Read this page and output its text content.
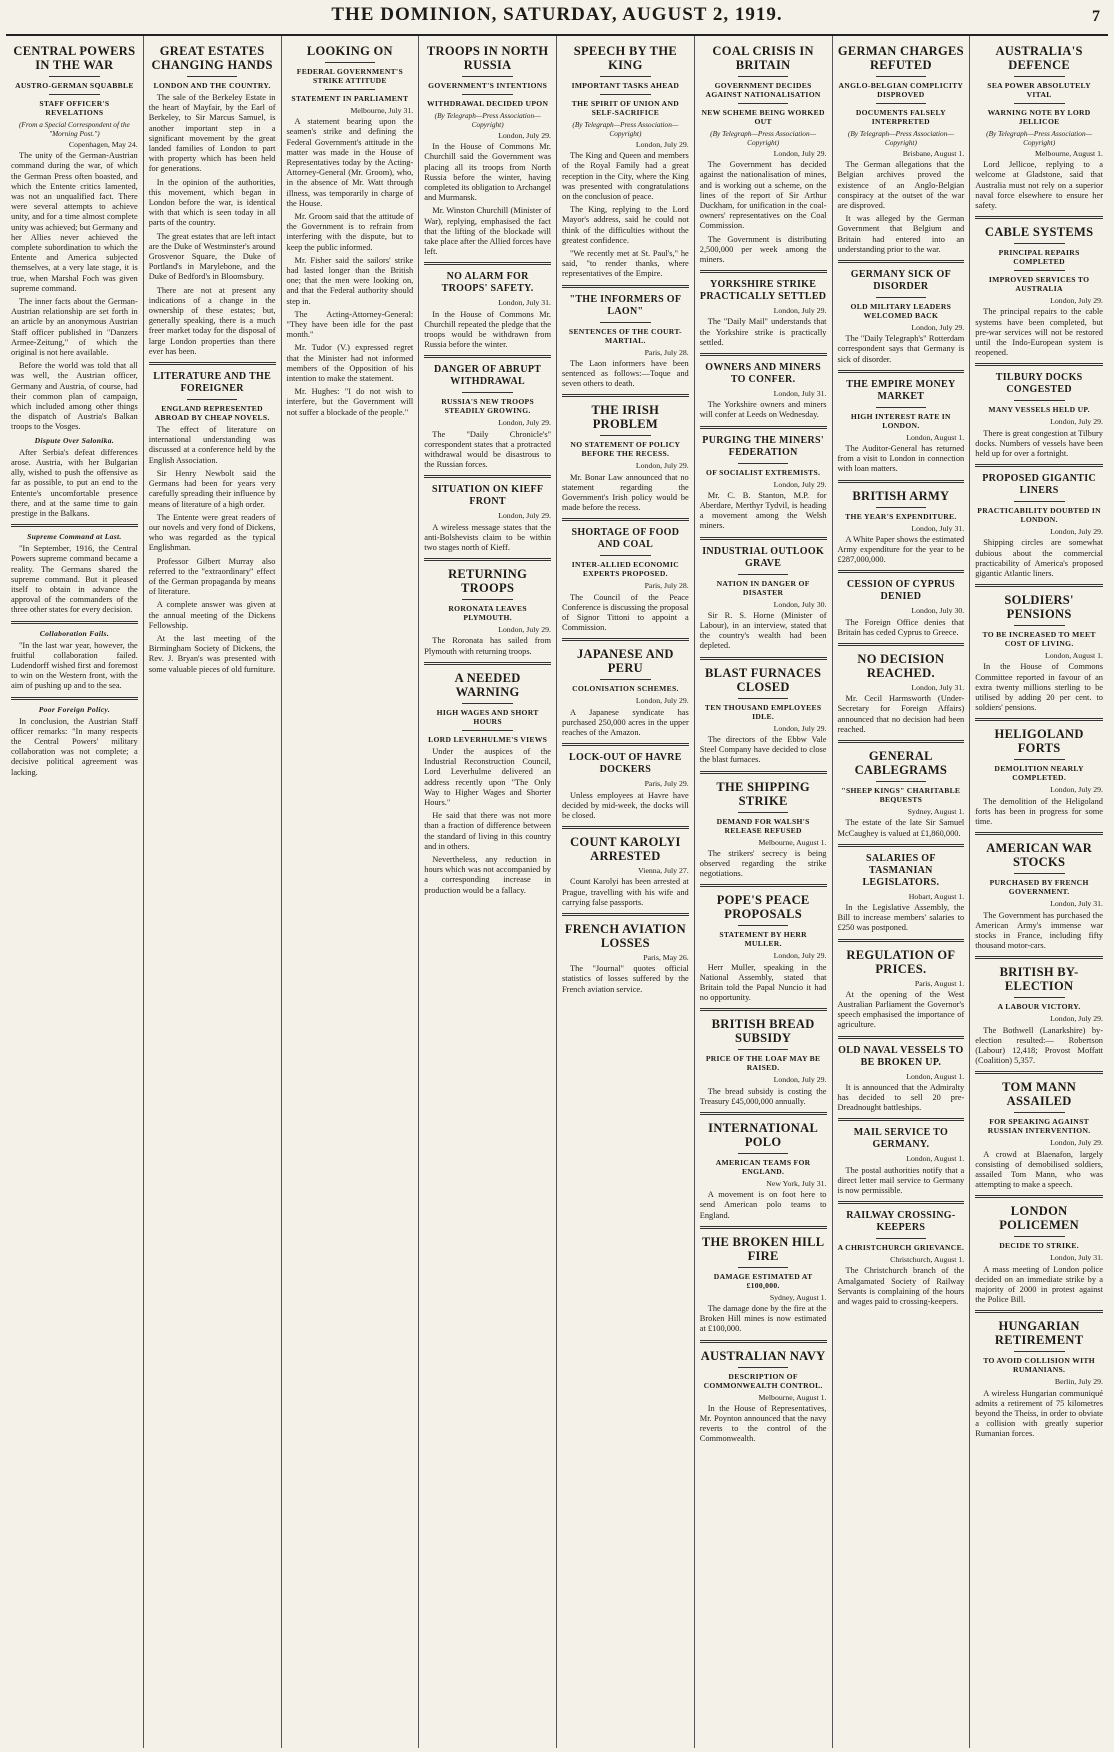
THE DOMINION, SATURDAY, AUGUST 2, 1919.	7
CENTRAL POWERS IN THE WAR
AUSTRO-GERMAN SQUABBLE
STAFF OFFICER'S REVELATIONS
(From a Special Correspondent of the "Morning Post.")
Copenhagen, May 24.

The unity of the German-Austrian command during the war, of which the German Press often boasted, and which the Entente critics lamented, was not an unqualified fact. There were several attempts to achieve unity, and for a time almost complete unity was achieved; but Germany and her Allies never achieved the complete subordination to which the Entente and America subjected themselves, at a very late stage, it is true, when Marshal Foch was given supreme command.

The inner facts about the German-Austrian relationship are set forth in an article by an anonymous Austrian Staff officer published in "Danzers Armee-Zeitung," of which the original is not here available.

Before the world was told that all was well, the Austrian officer, Germany and Austria, of course, had their common plan of campaign, which included among other things the dispatch of Austria's Balkan troops to the Vosges.

Dispute Over Salonika.

After Serbia's defeat differences arose. Austria, with her Bulgarian ally, wished to push the offensive as far as possible, to put an end to the Entente's uncomfortable presence there, and at the same time to gain prestige in the Balkans.

Supreme Command at Last.

"In September, 1916, the Central Powers supreme command became a reality. The Germans shared the supreme command. But it pleased itself to obtain in advance the approval of the commanders of the three other states for every decision.

Collaboration Fails.

"In the last war year, however, the fruitful collaboration failed. Ludendorff wished first and foremost to win on the Western front, with the aim of pushing up and to the sea.

Poor Foreign Policy.

In conclusion, the Austrian Staff officer remarks: "In many respects the Central Powers' military collaboration was not complete; a decisive political agreement was lacking.

GREAT ESTATES CHANGING HANDS
LONDON AND THE COUNTRY.

The sale of the Berkeley Estate in the heart of Mayfair, by the Earl of Berkeley, to Sir Marcus Samuel, is another important step in a significant movement by the great landed families of London to part with property which has been held for generations.

In the opinion of the authorities, this movement, which began in London before the war, is identical with that which is seen today in all parts of the country.

The great estates that are left intact are the Duke of Westminster's around Grosvenor Square, the Duke of Portland's in Marylebone, and the Duke of Bedford's in Bloomsbury.

There are not at present any indications of a change in the ownership of these estates; but, generally speaking, there is a much freer market today for the disposal of large London properties than there ever has been.

LITERATURE AND THE FOREIGNER
ENGLAND REPRESENTED ABROAD BY CHEAP NOVELS.

The effect of literature on international understanding was discussed at a conference held by the English Association.

Sir Henry Newbolt said the Germans had been for years very carefully spreading their influence by means of literature of a high order.

The Entente were great readers of our novels and very fond of Dickens, who was regarded as the typical Englishman.

Professor Gilbert Murray also referred to the "extraordinary" effect of the German propaganda by means of literature.

A complete answer was given at the annual meeting of the Dickens Fellowship.

At the last meeting of the Birmingham Society of Dickens, the Rev. J. Bryan's was presented with some valuable pieces of old furniture.

LOOKING ON
FEDERAL GOVERNMENT'S STRIKE ATTITUDE
STATEMENT IN PARLIAMENT
Melbourne, July 31.

A statement bearing upon the seamen's strike and defining the Federal Government's attitude in the matter was made in the House of Representatives today by the Acting-Attorney-General (Mr. Groom), who, in the absence of Mr. Watt through illness, was temporarily in charge of the House.

Mr. Groom said that the attitude of the Government is to refrain from interfering with the dispute, but to keep the public informed.

Mr. Fisher said the sailors' strike had lasted longer than the British one; that the men were looking on, and that the Federal authority should step in.

The Acting-Attorney-General: "They have been idle for the past month."

Mr. Tudor (V.) expressed regret that the Minister had not informed members of the Opposition of his intention to make the statement.

Mr. Hughes: "I do not wish to interfere, but the Government will not suffer a blockade of the people."

TROOPS IN NORTH RUSSIA
GOVERNMENT'S INTENTIONS
WITHDRAWAL DECIDED UPON
(By Telegraph—Press Association—Copyright)
London, July 29.

In the House of Commons Mr. Churchill said the Government was placing all its troops from North Russia before the winter, having completed its obligation to Archangel and Murmansk.

Mr. Winston Churchill (Minister of War), replying, emphasised the fact that the lifting of the blockade will take place after the Allied forces have left.

NO ALARM FOR TROOPS' SAFETY.
London, July 31.

In the House of Commons Mr. Churchill repeated the pledge that the troops would be withdrawn from Russia before the winter.

DANGER OF ABRUPT WITHDRAWAL
RUSSIA'S NEW TROOPS STEADILY GROWING.
London, July 29.

The "Daily Chronicle's" correspondent states that a protracted withdrawal would be disastrous to the Russian forces.

SITUATION ON KIEFF FRONT
London, July 29.

A wireless message states that the anti-Bolshevists claim to be within two stages north of Kieff.

RETURNING TROOPS
RORONATA LEAVES PLYMOUTH.
London, July 29.

The Roronata has sailed from Plymouth with returning troops.

A NEEDED WARNING
HIGH WAGES AND SHORT HOURS
LORD LEVERHULME'S VIEWS

Under the auspices of the Industrial Reconstruction Council, Lord Leverhulme delivered an address recently upon "The Only Way to Higher Wages and Shorter Hours."

He said that there was not more than a fraction of difference between the standard of living in this country and in others.

Nevertheless, any reduction in hours which was not accompanied by a corresponding increase in production would be a fallacy.

SPEECH BY THE KING
IMPORTANT TASKS AHEAD
THE SPIRIT OF UNION AND SELF-SACRIFICE
(By Telegraph—Press Association—Copyright)
London, July 29.

The King and Queen and members of the Royal Family had a great reception in the City, where the King was presented with congratulations on the conclusion of peace.

The King, replying to the Lord Mayor's address, said he could not think of the difficulties without the greatest confidence.

"We recently met at St. Paul's," he said, "to render thanks, where representatives of the Empire.

"THE INFORMERS OF LAON"
SENTENCES OF THE COURT-MARTIAL.
Paris, July 28.

The Laon informers have been sentenced as follows:—Toque and seven others to death.

THE IRISH PROBLEM
NO STATEMENT OF POLICY BEFORE THE RECESS.
London, July 29.

Mr. Bonar Law announced that no statement regarding the Government's Irish policy would be made before the recess.

SHORTAGE OF FOOD AND COAL
INTER-ALLIED ECONOMIC EXPERTS PROPOSED.
Paris, July 28.

The Council of the Peace Conference is discussing the proposal of Signor Tittoni to appoint a Commission.

JAPANESE AND PERU
COLONISATION SCHEMES.
London, July 29.

A Japanese syndicate has purchased 250,000 acres in the upper reaches of the Amazon.

LOCK-OUT OF HAVRE DOCKERS
Paris, July 29.

Unless employees at Havre have decided by mid-week, the docks will be closed.

COUNT KAROLYI ARRESTED
Vienna, July 27.

Count Karolyi has been arrested at Prague, travelling with his wife and carrying false passports.

FRENCH AVIATION LOSSES
Paris, May 26.

The "Journal" quotes official statistics of losses suffered by the French aviation service.

COAL CRISIS IN BRITAIN
GOVERNMENT DECIDES AGAINST NATIONALISATION
NEW SCHEME BEING WORKED OUT
(By Telegraph—Press Association—Copyright)
London, July 29.

The Government has decided against the nationalisation of mines, and is working out a scheme, on the lines of the report of Sir Arthur Duckham, for unification in the coal-owners' representatives on the Coal Commission.

The Government is distributing 2,500,000 per week among the miners.

YORKSHIRE STRIKE PRACTICALLY SETTLED
London, July 29.

The "Daily Mail" understands that the Yorkshire strike is practically settled.

OWNERS AND MINERS TO CONFER.
London, July 31.

The Yorkshire owners and miners will confer at Leeds on Wednesday.

PURGING THE MINERS' FEDERATION
OF SOCIALIST EXTREMISTS.
London, July 29.

Mr. C. B. Stanton, M.P. for Aberdare, Merthyr Tydvil, is heading a movement among the Welsh miners.

INDUSTRIAL OUTLOOK GRAVE
NATION IN DANGER OF DISASTER
London, July 30.

Sir R. S. Horne (Minister of Labour), in an interview, stated that the country's wealth had been depleted.

BLAST FURNACES CLOSED
TEN THOUSAND EMPLOYEES IDLE.
London, July 29.

The directors of the Ebbw Vale Steel Company have decided to close the blast furnaces.

THE SHIPPING STRIKE
DEMAND FOR WALSH'S RELEASE REFUSED
Melbourne, August 1.

The strikers' secrecy is being observed regarding the strike negotiations.

POPE'S PEACE PROPOSALS
STATEMENT BY HERR MULLER.
London, July 29.

Herr Muller, speaking in the National Assembly, stated that Britain told the Papal Nuncio it had no opportunity.

BRITISH BREAD SUBSIDY
PRICE OF THE LOAF MAY BE RAISED.
London, July 29.

The bread subsidy is costing the Treasury £45,000,000 annually.

INTERNATIONAL POLO
AMERICAN TEAMS FOR ENGLAND.
New York, July 31.

A movement is on foot here to send American polo teams to England.

THE BROKEN HILL FIRE
DAMAGE ESTIMATED AT £100,000.
Sydney, August 1.

The damage done by the fire at the Broken Hill mines is now estimated at £100,000.

AUSTRALIAN NAVY
DESCRIPTION OF COMMONWEALTH CONTROL.
Melbourne, August 1.

In the House of Representatives, Mr. Poynton announced that the navy reverts to the control of the Commonwealth.

GERMAN CHARGES REFUTED
ANGLO-BELGIAN COMPLICITY DISPROVED
DOCUMENTS FALSELY INTERPRETED
(By Telegraph—Press Association—Copyright)
Brisbane, August 1.

The German allegations that the Belgian archives proved the existence of an Anglo-Belgian conspiracy at the outset of the war are disproved.

It was alleged by the German Government that Belgium and Britain had entered into an understanding prior to the war.

GERMANY SICK OF DISORDER
OLD MILITARY LEADERS WELCOMED BACK
London, July 29.

The "Daily Telegraph's" Rotterdam correspondent says that Germany is sick of disorder.

THE EMPIRE MONEY MARKET
HIGH INTEREST RATE IN LONDON.
London, August 1.

The Auditor-General has returned from a visit to London in connection with loan matters.

BRITISH ARMY
THE YEAR'S EXPENDITURE.
London, July 31.

A White Paper shows the estimated Army expenditure for the year to be £287,000,000.

CESSION OF CYPRUS DENIED
London, July 30.

The Foreign Office denies that Britain has ceded Cyprus to Greece.

NO DECISION REACHED.
London, July 31.

Mr. Cecil Harmsworth (Under-Secretary for Foreign Affairs) announced that no decision had been reached.

GENERAL CABLEGRAMS
"SHEEP KINGS" CHARITABLE BEQUESTS
Sydney, August 1.

The estate of the late Sir Samuel McCaughey is valued at £1,860,000.

SALARIES OF TASMANIAN LEGISLATORS.
Hobart, August 1.

In the Legislative Assembly, the Bill to increase members' salaries to £250 was postponed.

REGULATION OF PRICES.
Paris, August 1.

At the opening of the West Australian Parliament the Governor's speech emphasised the importance of agriculture.

OLD NAVAL VESSELS TO BE BROKEN UP.
London, August 1.

It is announced that the Admiralty has decided to sell 20 pre-Dreadnought battleships.

MAIL SERVICE TO GERMANY.
London, August 1.

The postal authorities notify that a direct letter mail service to Germany is now permissible.

RAILWAY CROSSING-KEEPERS
A CHRISTCHURCH GRIEVANCE.
Christchurch, August 1.

The Christchurch branch of the Amalgamated Society of Railway Servants is complaining of the hours and wages paid to crossing-keepers.

AUSTRALIA'S DEFENCE
SEA POWER ABSOLUTELY VITAL
WARNING NOTE BY LORD JELLICOE
(By Telegraph—Press Association—Copyright)
Melbourne, August 1.

Lord Jellicoe, replying to a welcome at Gladstone, said that Australia must not rely on a superior naval force elsewhere to ensure her safety.

CABLE SYSTEMS
PRINCIPAL REPAIRS COMPLETED
IMPROVED SERVICES TO AUSTRALIA
London, July 29.

The principal repairs to the cable systems have been completed, but pre-war services will not be restored until the Indo-European system is reopened.

TILBURY DOCKS CONGESTED
MANY VESSELS HELD UP.
London, July 29.

There is great congestion at Tilbury docks. Numbers of vessels have been held up for over a fortnight.

PROPOSED GIGANTIC LINERS
PRACTICABILITY DOUBTED IN LONDON.
London, July 29.

Shipping circles are somewhat dubious about the commercial practicability of America's proposed gigantic Atlantic liners.

SOLDIERS' PENSIONS
TO BE INCREASED TO MEET COST OF LIVING.
London, August 1.

In the House of Commons Committee reported in favour of an extra twenty millions sterling to be utilised by adding 20 per cent. to soldiers' pensions.

HELIGOLAND FORTS
DEMOLITION NEARLY COMPLETED.
London, July 29.

The demolition of the Heligoland forts has been in progress for some time.

AMERICAN WAR STOCKS
PURCHASED BY FRENCH GOVERNMENT.
London, July 31.

The Government has purchased the American Army's immense war stocks in France, including fifty thousand motor-cars.

BRITISH BY-ELECTION
A LABOUR VICTORY.
London, July 29.

The Bothwell (Lanarkshire) by-election resulted:— Robertson (Labour) 12,418; Provost Moffatt (Coalition) 5,357.

TOM MANN ASSAILED
FOR SPEAKING AGAINST RUSSIAN INTERVENTION.
London, July 29.

A crowd at Blaenafon, largely consisting of demobilised soldiers, assailed Tom Mann, who was attempting to make a speech.

LONDON POLICEMEN
DECIDE TO STRIKE.
London, July 31.

A mass meeting of London police decided on an immediate strike by a majority of 2000 in protest against the Police Bill.

HUNGARIAN RETIREMENT
TO AVOID COLLISION WITH RUMANIANS.
Berlin, July 29.

A wireless Hungarian communiqué admits a retirement of 75 kilometres beyond the Theiss, in order to obviate a collision with greatly superior Rumanian forces.
